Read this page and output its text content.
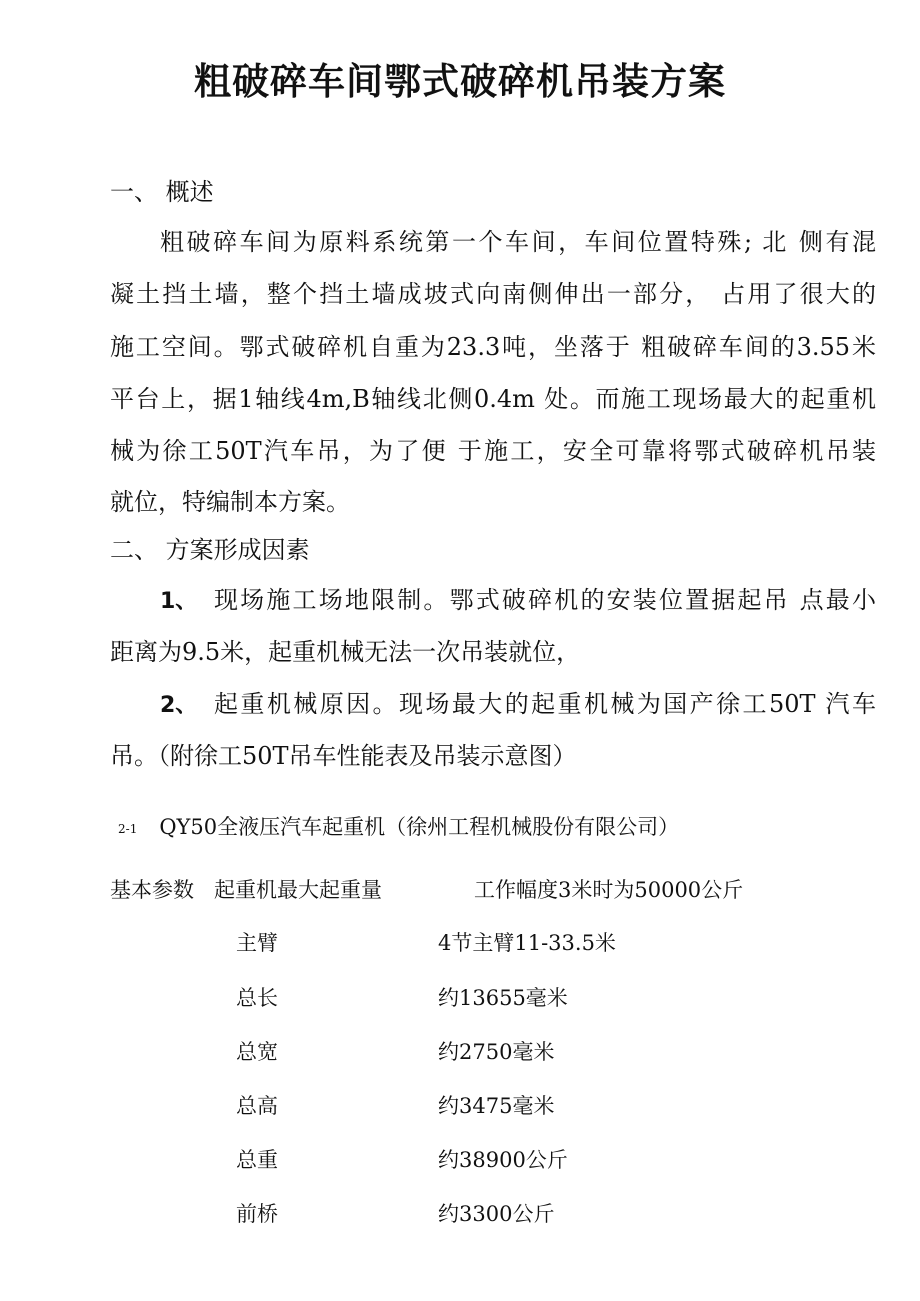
粗破碎车间鄂式破碎机吊装方案
一、 概述
粗破碎车间为原料系统第一个车间，车间位置特殊; 北 侧有混
凝土挡土墙，整个挡土墙成坡式向南侧伸出一部分， 占用了很大的
施工空间。鄂式破碎机自重为23.3吨，坐落于 粗破碎车间的3.55米
平台上，据1轴线4m,B轴线北侧0.4m 处。而施工现场最大的起重机
械为徐工50T汽车吊，为了便 于施工，安全可靠将鄂式破碎机吊装
就位，特编制本方案。
二、 方案形成因素
1、 现场施工场地限制。鄂式破碎机的安装位置据起吊 点最小
距离为9.5米，起重机械无法一次吊装就位，
2、 起重机械原因。现场最大的起重机械为国产徐工50T 汽车
吊。（附徐工50T吊车性能表及吊装示意图）
2-1 QY50全液压汽车起重机（徐州工程机械股份有限公司）
基本参数 起重机最大起重量	工作幅度3米时为50000公斤
主臂	4节主臂11-33.5米
总长	约13655毫米
总宽	约2750毫米
总高	约3475毫米
总重	约38900公斤
前桥	约3300公斤
